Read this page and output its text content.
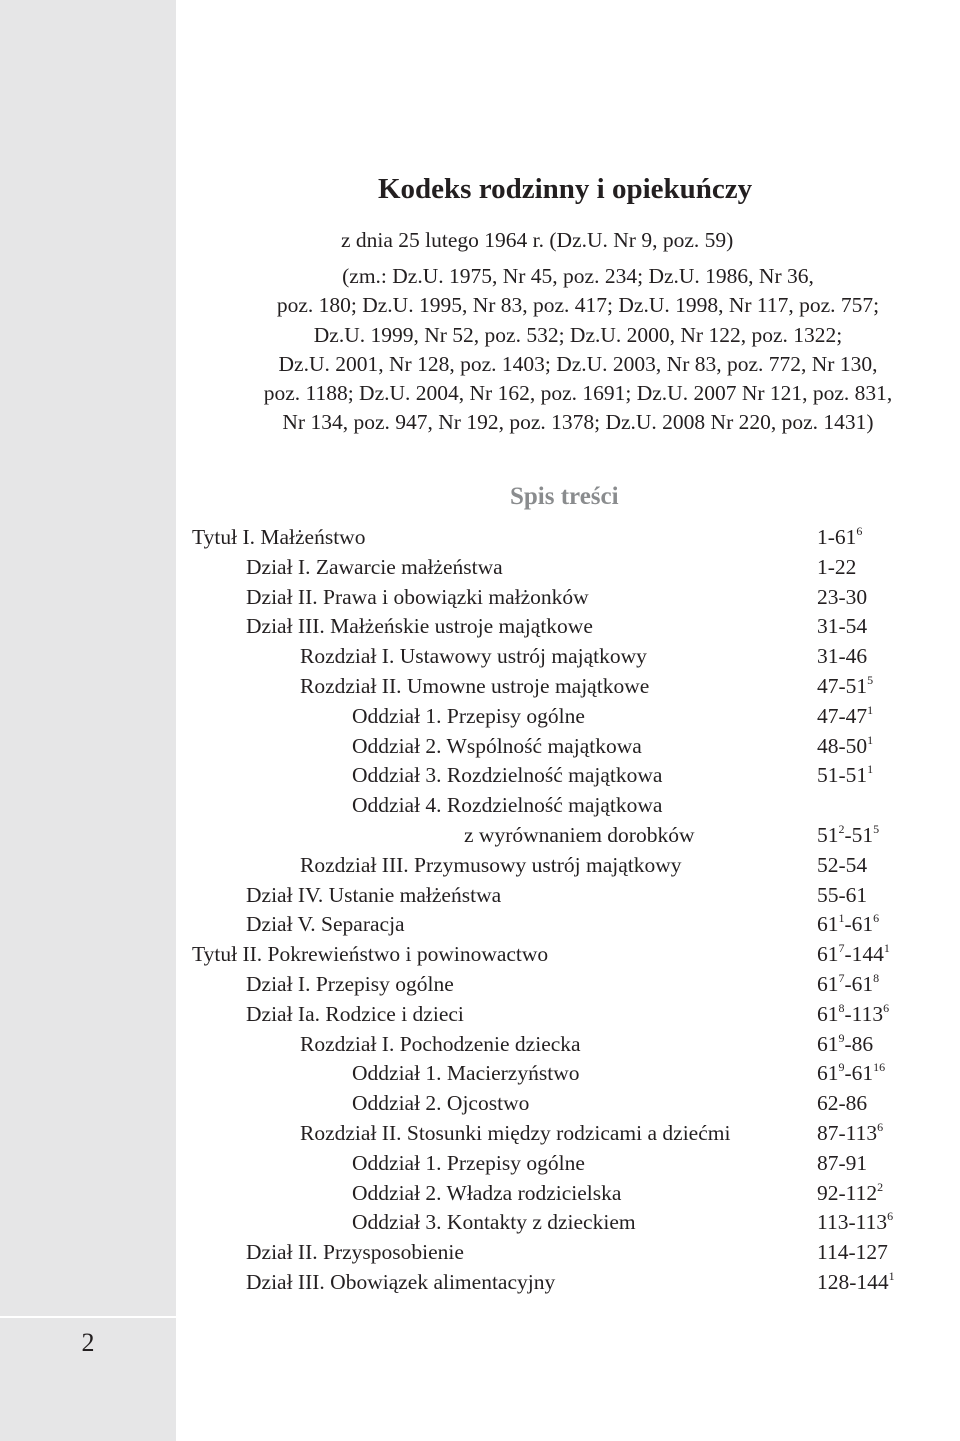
2
Kodeks rodzinny i opiekuńczy
z dnia 25 lutego 1964 r. (Dz.U. Nr 9, poz. 59)
(zm.: Dz.U. 1975, Nr 45, poz. 234; Dz.U. 1986, Nr 36,
poz. 180; Dz.U. 1995, Nr 83, poz. 417; Dz.U. 1998, Nr 117, poz. 757;
Dz.U. 1999, Nr 52, poz. 532; Dz.U. 2000, Nr 122, poz. 1322;
Dz.U. 2001, Nr 128, poz. 1403; Dz.U. 2003, Nr 83, poz. 772, Nr 130,
poz. 1188; Dz.U. 2004, Nr 162, poz. 1691; Dz.U. 2007 Nr 121, poz. 831,
Nr 134, poz. 947, Nr 192, poz. 1378; Dz.U. 2008 Nr 220, poz. 1431)
Spis treści
Tytuł I. Małżeństwo	$1-61^6$
Dział I. Zawarcie małżeństwa	1-22
Dział II. Prawa i obowiązki małżonków	23-30
Dział III. Małżeńskie ustroje majątkowe	31-54
Rozdział I. Ustawowy ustrój majątkowy	31-46
Rozdział II. Umowne ustroje majątkowe	$47-51^5$
Oddział 1. Przepisy ogólne	$47-47^1$
Oddział 2. Wspólność majątkowa	$48-50^1$
Oddział 3. Rozdzielność majątkowa	$51-51^1$
Oddział 4. Rozdzielność majątkowa
z wyrównaniem dorobków	$51^2-51^5$
Rozdział III. Przymusowy ustrój majątkowy	52-54
Dział IV. Ustanie małżeństwa	55-61
Dział V. Separacja	$61^1-61^6$
Tytuł II. Pokrewieństwo i powinowactwo	$61^7-144^1$
Dział I. Przepisy ogólne	$61^7-61^8$
Dział Ia. Rodzice i dzieci	$61^8-113^6$
Rozdział I. Pochodzenie dziecka	$61^9-86$
Oddział 1. Macierzyństwo	$61^9-61^{16}$
Oddział 2. Ojcostwo	62-86
Rozdział II. Stosunki między rodzicami a dziećmi	$87-113^6$
Oddział 1. Przepisy ogólne	87-91
Oddział 2. Władza rodzicielska	$92-112^2$
Oddział 3. Kontakty z dzieckiem	$113-113^6$
Dział II. Przysposobienie	114-127
Dział III. Obowiązek alimentacyjny	$128-144^1$
